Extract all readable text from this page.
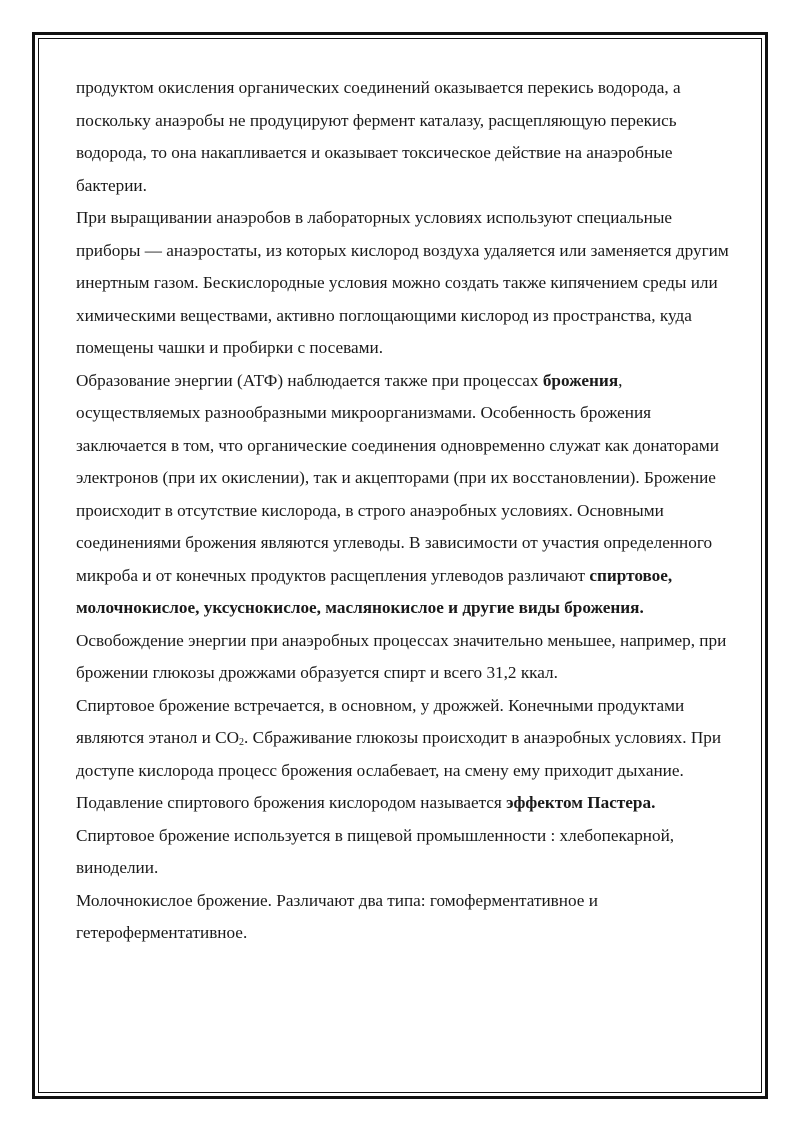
продуктом окисления органических соединений оказывается перекись водорода, а поскольку анаэробы не продуцируют фермент каталазу, расщепляющую перекись водорода, то она накапливается и оказывает токсическое действие на анаэробные бактерии.

При выращивании анаэробов в лабораторных условиях используют специальные приборы — анаэростаты, из которых кислород воздуха удаляется или заменяется другим инертным газом. Бескислородные условия можно создать также кипячением среды или химическими веществами, активно поглощающими кислород из пространства, куда помещены чашки и пробирки с посевами.

Образование энергии (АТФ) наблюдается также при процессах брожения, осуществляемых разнообразными микроорганизмами. Особенность брожения заключается в том, что органические соединения одновременно служат как донаторами электронов (при их окислении), так и акцепторами (при их восстановлении). Брожение происходит в отсутствие кислорода, в строго анаэробных условиях. Основными соединениями брожения являются углеводы. В зависимости от участия определенного микроба и от конечных продуктов расщепления углеводов различают спиртовое, молочнокислое, уксуснокислое, маслянокислое и другие виды брожения.

Освобождение энергии при анаэробных процессах значительно меньшее, например, при брожении глюкозы дрожжами образуется спирт и всего 31,2 ккал.

Спиртовое брожение встречается, в основном, у дрожжей. Конечными продуктами являются этанол и $CO_2$. Сбраживание глюкозы происходит в анаэробных условиях. При доступе кислорода процесс брожения ослабевает, на смену ему приходит дыхание. Подавление спиртового брожения кислородом называется эффектом Пастера. Спиртовое брожение используется в пищевой промышленности : хлебопекарной, виноделии.

Молочнокислое брожение. Различают два типа: гомоферментативное и гетероферментативное.
